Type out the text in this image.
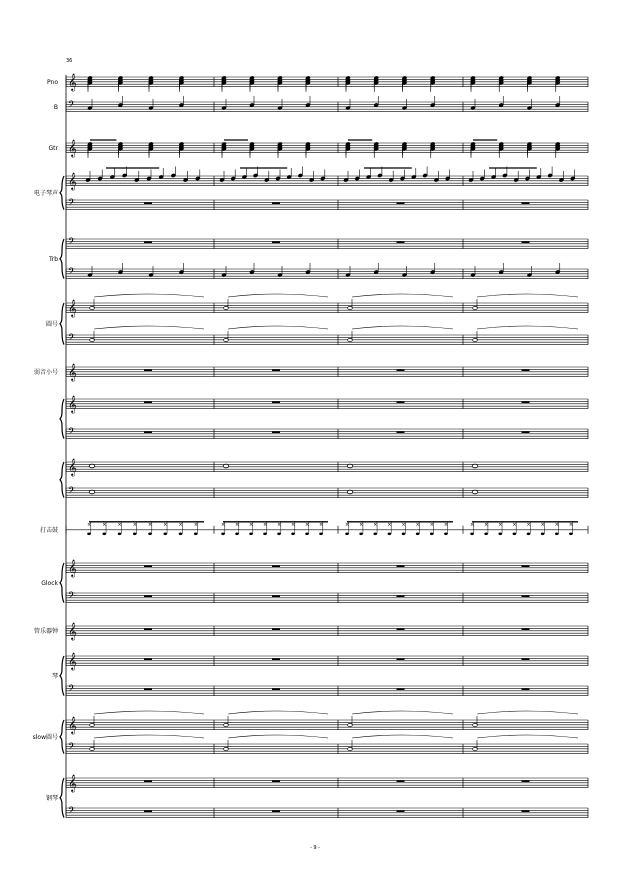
𝄞
𝄢
𝄞
𝄞
𝄢
𝄢
𝄢
𝄞
𝄢
𝄞
𝄞
𝄢
𝄞
𝄢
× × × × × × × ×	× × × × × × × ×	× × × × × × × ×	× × × × × × × ×
𝄞
𝄢
𝄞
𝄞
𝄢
𝄞
𝄢
𝄞
𝄢
36
Pno
B
Gtr
电子琴声
Trb
圆号
弱音小号
打击鼓
Glock
管乐器钟
琴
slow圆号
钢琴
- 9 -
